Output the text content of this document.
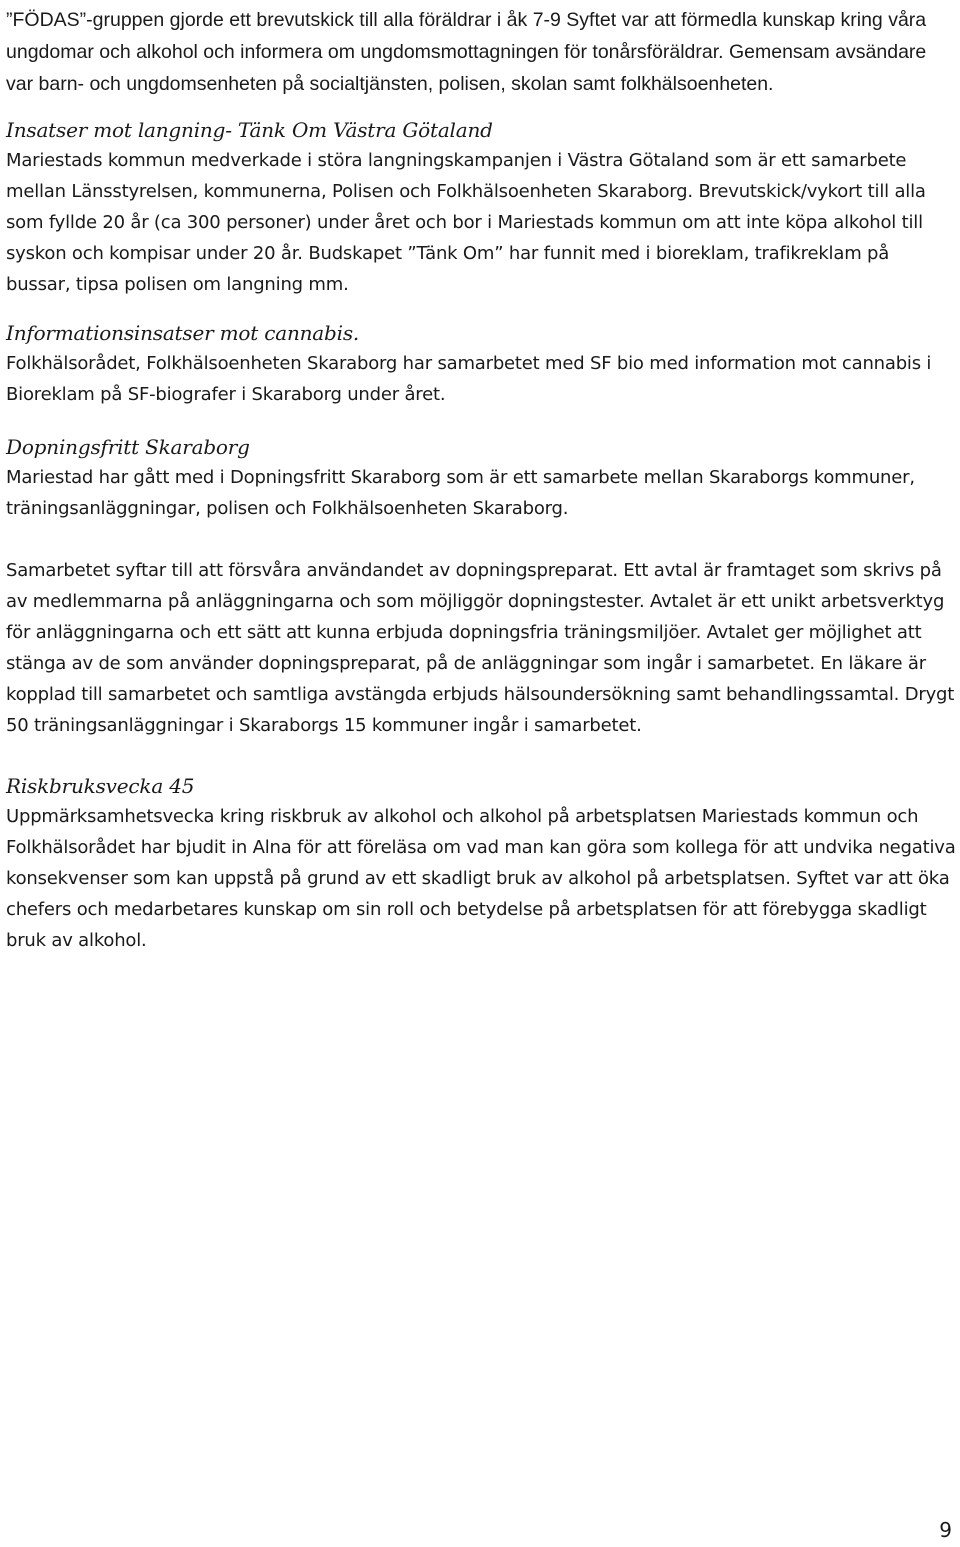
”FÖDAS”-gruppen gjorde ett brevutskick till alla föräldrar i åk 7-9 Syftet var att förmedla kunskap kring våra ungdomar och alkohol och informera om ungdomsmottagningen för tonårsföräldrar. Gemensam avsändare var barn- och ungdomsenheten på socialtjänsten, polisen, skolan samt folkhälsoenheten.

Insatser mot langning- Tänk Om Västra Götaland

Mariestads kommun medverkade i störa langningskampanjen i Västra Götaland som är ett samarbete mellan Länsstyrelsen, kommunerna, Polisen och Folkhälsoenheten Skaraborg. Brevutskick/vykort till alla som fyllde 20 år (ca 300 personer) under året och bor i Mariestads kommun om att inte köpa alkohol till syskon och kompisar under 20 år. Budskapet ”Tänk Om” har funnit med i bioreklam, trafikreklam på bussar, tipsa polisen om langning mm.

Informationsinsatser mot cannabis.

Folkhälsorådet, Folkhälsoenheten Skaraborg har samarbetet med SF bio med information mot cannabis i Bioreklam på SF-biografer i Skaraborg under året.

Dopningsfritt Skaraborg

Mariestad har gått med i Dopningsfritt Skaraborg som är ett samarbete mellan Skaraborgs kommuner, träningsanläggningar, polisen och Folkhälsoenheten Skaraborg.

Samarbetet syftar till att försvåra användandet av dopningspreparat. Ett avtal är framtaget som skrivs på av medlemmarna på anläggningarna och som möjliggör dopningstester. Avtalet är ett unikt arbetsverktyg för anläggningarna och ett sätt att kunna erbjuda dopningsfria träningsmiljöer. Avtalet ger möjlighet att stänga av de som använder dopningspreparat, på de anläggningar som ingår i samarbetet. En läkare är kopplad till samarbetet och samtliga avstängda erbjuds hälsoundersökning samt behandlingssamtal. Drygt 50 träningsanläggningar i Skaraborgs 15 kommuner ingår i samarbetet.

Riskbruksvecka 45

Uppmärksamhetsvecka kring riskbruk av alkohol och alkohol på arbetsplatsen Mariestads kommun och Folkhälsorådet har bjudit in Alna för att föreläsa om vad man kan göra som kollega för att undvika negativa konsekvenser som kan uppstå på grund av ett skadligt bruk av alkohol på arbetsplatsen. Syftet var att öka chefers och medarbetares kunskap om sin roll och betydelse på arbetsplatsen för att förebygga skadligt bruk av alkohol.

9
